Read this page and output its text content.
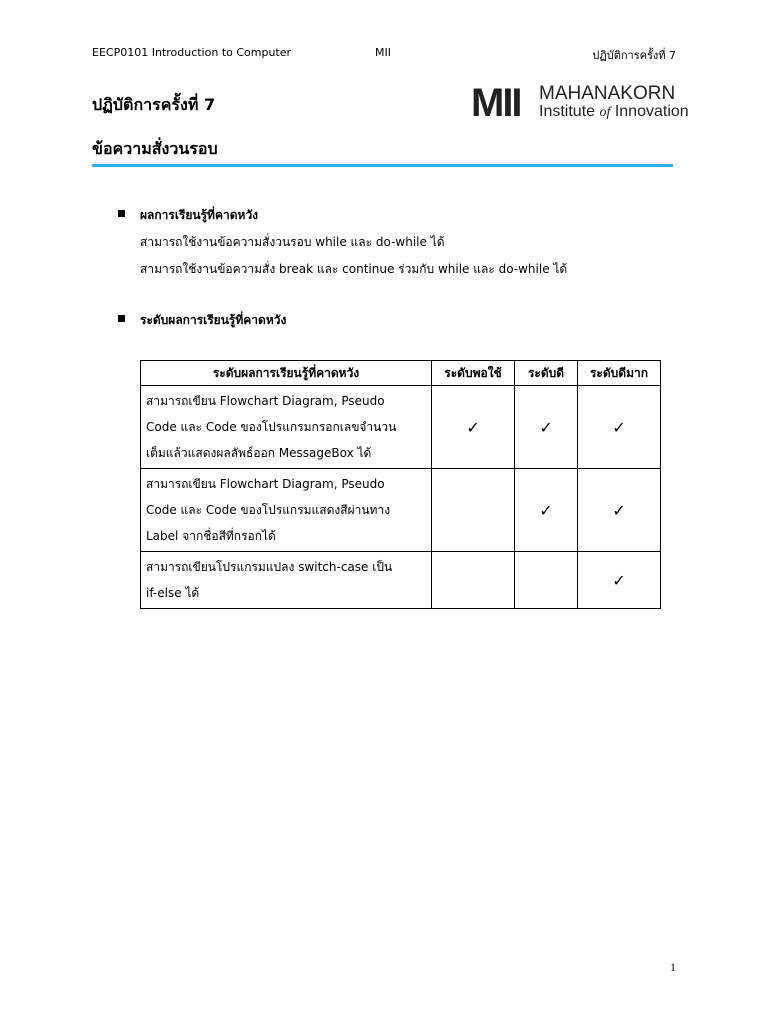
EECP0101 Introduction to Computer	MII	ปฏิบัติการครั้งที่ 7
ปฏิบัติการครั้งที่ 7
ข้อความสั่งวนรอบ
MII MAHANAKORN
Institute of Innovation
ผลการเรียนรู้ที่คาดหวัง
สามารถใช้งานข้อความสั่งวนรอบ while และ do-while ได้
สามารถใช้งานข้อความสั่ง break และ continue ร่วมกับ while และ do-while ได้
ระดับผลการเรียนรู้ที่คาดหวัง
ระดับผลการเรียนรู้ที่คาดหวัง	ระดับพอใช้	ระดับดี	ระดับดีมาก

สามารถเขียน Flowchart Diagram, Pseudo
Code และ Code ของโปรแกรมกรอกเลขจำนวน
เต็มแล้วแสดงผลลัพธ์ออก MessageBox ได้	✓	✓	✓

สามารถเขียน Flowchart Diagram, Pseudo
Code และ Code ของโปรแกรมแสดงสีผ่านทาง
Label จากชื่อสีที่กรอกได้		✓	✓

สามารถเขียนโปรแกรมแปลง switch-case เป็น
if-else ได้			✓
1
